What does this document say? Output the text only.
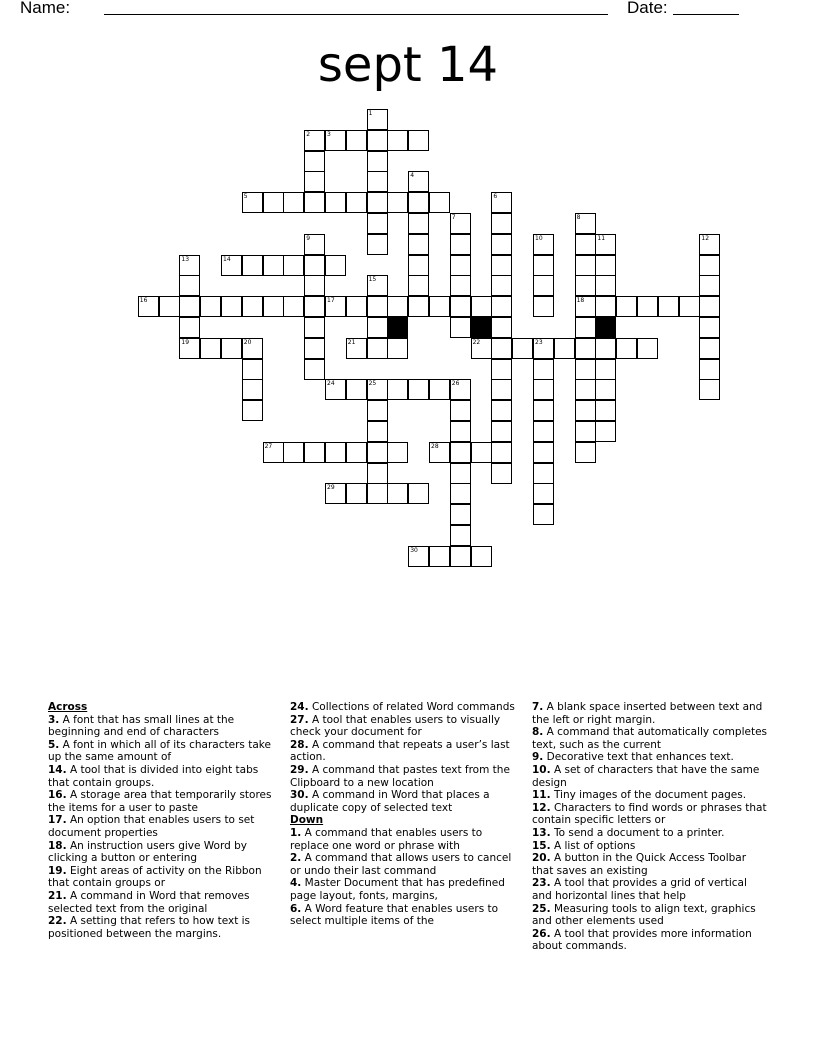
Name:	Date:
sept 14
3
5
14
16	17	18
19	20	21	22	23
24	25
27	28
29
30
1
2
4
6
7	8
9	10	11	12
13
15
26

Across

3. A font that has small lines at the beginning and end of characters

5. A font in which all of its characters take up the same amount of

14. A tool that is divided into eight tabs that contain groups.

16. A storage area that temporarily stores the items for a user to paste

17. An option that enables users to set document properties

18. An instruction users give Word by clicking a button or entering

19. Eight areas of activity on the Ribbon that contain groups or

21. A command in Word that removes selected text from the original

22. A setting that refers to how text is positioned between the margins.

24. Collections of related Word commands

27. A tool that enables users to visually check your document for

28. A command that repeats a user’s last action.

29. A command that pastes text from the Clipboard to a new location

30. A command in Word that places a duplicate copy of selected text

Down

1. A command that enables users to replace one word or phrase with

2. A command that allows users to cancel or undo their last command

4. Master Document that has predefined page layout, fonts, margins,

6. A Word feature that enables users to select multiple items of the

7. A blank space inserted between text and the left or right margin.

8. A command that automatically completes text, such as the current

9. Decorative text that enhances text.

10. A set of characters that have the same design

11. Tiny images of the document pages.

12. Characters to find words or phrases that contain specific letters or

13. To send a document to a printer.

15. A list of options

20. A button in the Quick Access Toolbar that saves an existing

23. A tool that provides a grid of vertical and horizontal lines that help

25. Measuring tools to align text, graphics and other elements used

26. A tool that provides more information about commands.
